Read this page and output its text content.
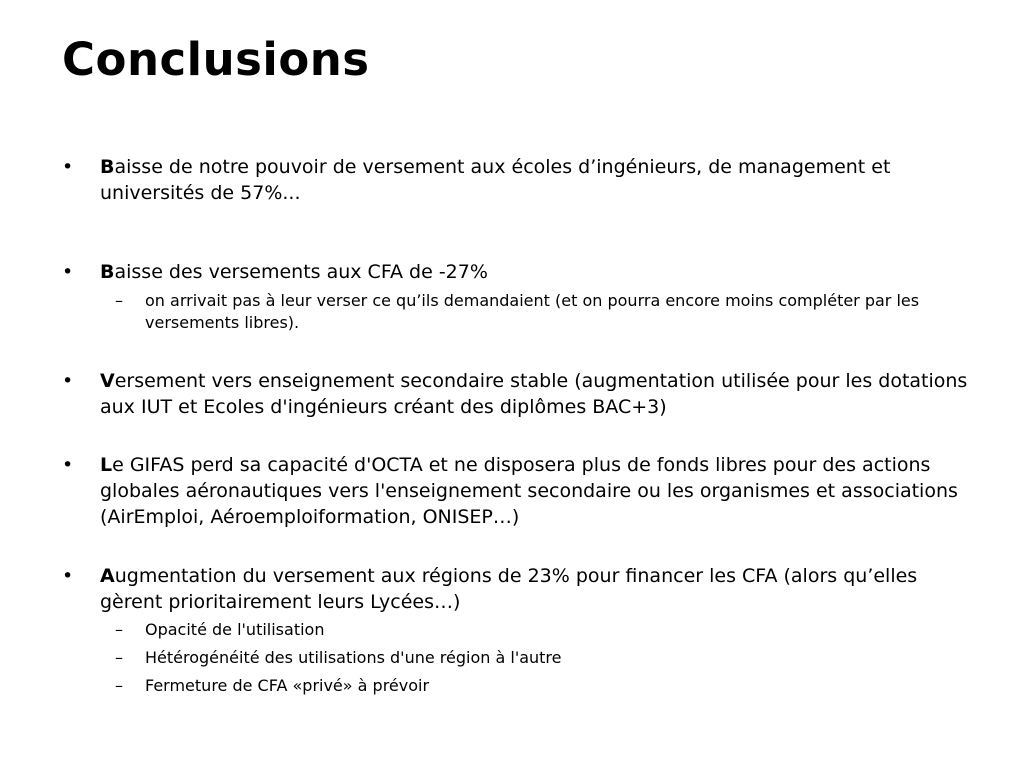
Conclusions
•	Baisse de notre pouvoir de versement aux écoles d’ingénieurs, de management et universités de 57%...
•	Baisse des versements aux CFA de -27%
– on arrivait pas à leur verser ce qu’ils demandaient (et on pourra encore moins compléter par les versements libres).
•	Versement vers enseignement secondaire stable (augmentation utilisée pour les dotations aux IUT et Ecoles d'ingénieurs créant des diplômes BAC+3)
•	Le GIFAS perd sa capacité d'OCTA et ne disposera plus de fonds libres pour des actions globales aéronautiques vers l'enseignement secondaire ou les organismes et associations (AirEmploi, Aéroemploiformation, ONISEP…)
•	Augmentation du versement aux régions de 23% pour financer les CFA (alors qu’elles gèrent prioritairement leurs Lycées…)
– Opacité de l'utilisation
– Hétérogénéité des utilisations d'une région à l'autre
– Fermeture de CFA «privé» à prévoir
